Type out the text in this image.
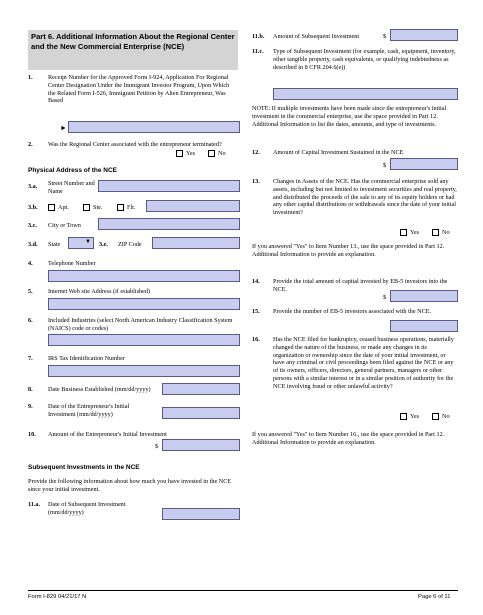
Part 6. Additional Information About the Regional Center and the New Commercial Enterprise (NCE)
1. Receipt Number for the Approved Form I-924, Application For Regional Center Designation Under the Immigrant Investor Program, Upon Which the Related Form I-526, Immigrant Petition by Alien Entrepreneur, Was Based
►
2. Was the Regional Center associated with the entrepreneur terminated?
Yes	No
Physical Address of the NCE
3.a. Street Number and Name
3.b.	Apt.	Ste.	Flr.
3.c. City or Town
3.d. State	▼ 3.e. ZIP Code
4. Telephone Number
5. Internet Web site Address (if established)
6. Included Industries (select North American Industry Classification System (NAICS) code or codes)
7. IRS Tax Identification Number
8. Date Business Established (mm/dd/yyyy)
9. Date of the Entrepreneur's Initial Investment (mm/dd/yyyy)
10. Amount of the Entrepreneur's Initial Investment
$
Subsequent Investments in the NCE
Provide the following information about how much you have invested in the NCE since your initial investment.
11.a. Date of Subsequent Investment (mm/dd/yyyy)
11.b. Amount of Subsequent Investment	$
11.c. Type of Subsequent Investment (for example, cash, equipment, inventory, other tangible property, cash equivalents, or qualifying indebtedness as described in 8 CFR 204.6(e))
NOTE: If multiple investments have been made since the entrepreneur's initial investment in the commercial enterprise, use the space provided in Part 12. Additional Information to list the dates, amounts, and type of investments.
12. Amount of Capital Investment Sustained in the NCE
$
13. Changes in Assets of the NCE. Has the commercial enterprise sold any assets, including but not limited to investment securities and real property, and distributed the proceeds of the sale to any of its equity holders or had any other capital distributions or withdrawals since the date of your initial investment?
Yes	No
If you answered "Yes" to Item Number 13., use the space provided in Part 12. Additional Information to provide an explanation.
14. Provide the total amount of capital invested by EB-5 investors into the NCE.
$
15. Provide the number of EB-5 investors associated with the NCE.
16. Has the NCE filed for bankruptcy, ceased business operations, materially changed the nature of the business, or made any changes in its organization or ownership since the date of your initial investment, or have any criminal or civil proceedings been filed against the NCE or any of its owners, officers, directors, general partners, managers or other persons with a similar interest or in a similar position of authority for the NCE involving fraud or other unlawful activity?
Yes	No
If you answered "Yes" to Item Number 16., use the space provided in Part 12. Additional Information to provide an explanation.
Form I-829 04/21/17 N	Page 6 of 11
